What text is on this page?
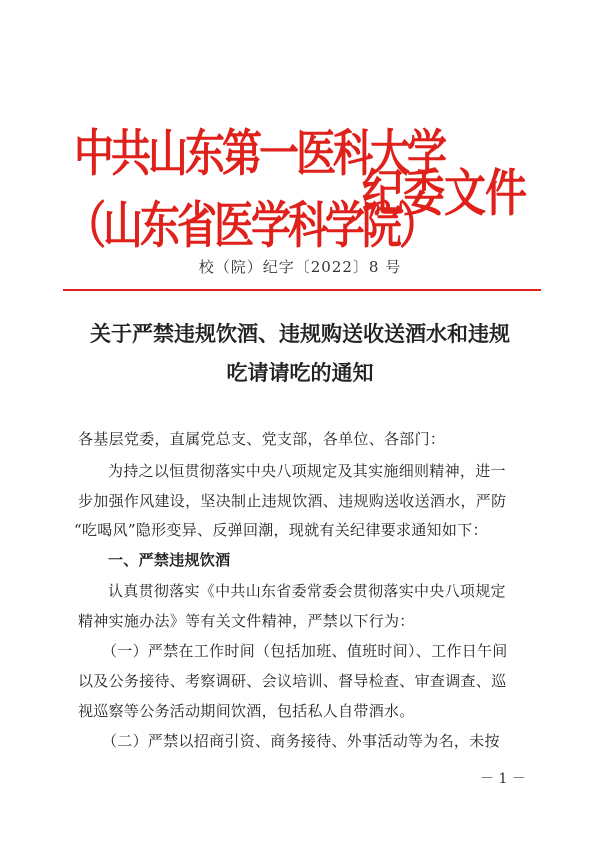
中共山东第一医科大学
（山东省医学科学院）
纪委文件
校（院）纪字〔2022〕8 号
关于严禁违规饮酒、违规购送收送酒水和违规
吃请请吃的通知
各基层党委，直属党总支、党支部，各单位、各部门：
为持之以恒贯彻落实中央八项规定及其实施细则精神，进一
步加强作风建设，坚决制止违规饮酒、违规购送收送酒水，严防
“吃喝风”隐形变异、反弹回潮，现就有关纪律要求通知如下：
一、严禁违规饮酒
认真贯彻落实《中共山东省委常委会贯彻落实中央八项规定
精神实施办法》等有关文件精神，严禁以下行为：
（一）严禁在工作时间（包括加班、值班时间）、工作日午间
以及公务接待、考察调研、会议培训、督导检查、审查调查、巡
视巡察等公务活动期间饮酒，包括私人自带酒水。
（二）严禁以招商引资、商务接待、外事活动等为名，未按
－ 1 －
